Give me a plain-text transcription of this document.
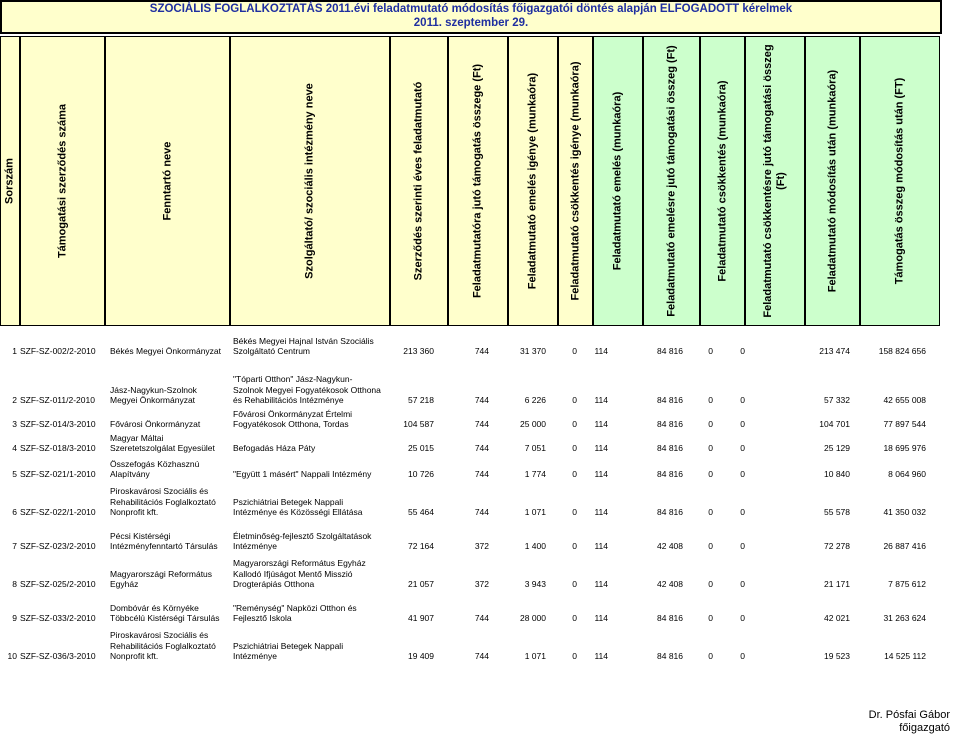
SZOCIÁLIS FOGLALKOZTATÁS 2011.évi feladatmutató módosítás főigazgatói döntés alapján ELFOGADOTT kérelmek
2011. szeptember 29.
Sorszám	Támogatási szerződés száma	Fenntartó neve	Szolgáltató/ szociális intézmény neve	Szerződés szerinti éves feladatmutató	Feladatmutatóra jutó támogatás összege (Ft)	Feladatmutató emelés igénye (munkaóra)	Feladatmutató csökkentés igénye (munkaóra)	Feladatmutató emelés (munkaóra)	Feladatmutató emelésre jutó támogatási összeg (Ft)	Feladatmutató csökkentés (munkaóra)	Feladatmutató csökkentésre jutó támogatási összeg (Ft)	Feladatmutató módosítás után (munkaóra)	Támogatás összeg módosítás után (FT)
1 SZF-SZ-002/2-2010 Békés Megyei Önkormányzat
Békés Megyei Hajnal István Szociális
Szolgáltató Centrum	213 360	744	31 370	0	114	84 816	0	0	213 474	158 824 656
2 SZF-SZ-011/2-2010
Jász-Nagykun-Szolnok
Megyei Önkormányzat
"Tóparti Otthon" Jász-Nagykun-
Szolnok Megyei Fogyatékosok Otthona
és Rehabilitációs Intézménye	57 218	744	6 226	0	114	84 816	0	0	57 332	42 655 008
3 SZF-SZ-014/3-2010 Fővárosi Önkormányzat
Fővárosi Önkormányzat Értelmi
Fogyatékosok Otthona, Tordas	104 587	744	25 000	0	114	84 816	0	0	104 701	77 897 544
4 SZF-SZ-018/3-2010
Magyar Máltai
Szeretetszolgálat Egyesület Befogadás Háza Páty	25 015	744	7 051	0	114	84 816	0	0	25 129	18 695 976
5 SZF-SZ-021/1-2010
Összefogás Közhasznú
Alapítvány	"Együtt 1 másért" Nappali Intézmény	10 726	744	1 774	0	114	84 816	0	0	10 840	8 064 960
6 SZF-SZ-022/1-2010
Piroskavárosi Szociális és
Rehabilitációs Foglalkoztató
Nonprofit kft.
Pszichiátriai Betegek Nappali
Intézménye és Közösségi Ellátása	55 464	744	1 071	0	114	84 816	0	0	55 578	41 350 032
7 SZF-SZ-023/2-2010
Pécsi Kistérségi
Intézményfenntartó Társulás
Életminőség-fejlesztő Szolgáltatások
Intézménye	72 164	372	1 400	0	114	42 408	0	0	72 278	26 887 416
8 SZF-SZ-025/2-2010
Magyarországi Református
Egyház
Magyarországi Református Egyház
Kallodó Ifjúságot Mentő Misszió
Drogterápiás Otthona	21 057	372	3 943	0	114	42 408	0	0	21 171	7 875 612
9 SZF-SZ-033/2-2010
Dombóvár és Környéke
Többcélú Kistérségi Társulás
"Reménység" Napközi Otthon és
Fejlesztő Iskola	41 907	744	28 000	0	114	84 816	0	0	42 021	31 263 624
10 SZF-SZ-036/3-2010
Piroskavárosi Szociális és
Rehabilitációs Foglalkoztató
Nonprofit kft.
Pszichiátriai Betegek Nappali
Intézménye	19 409	744	1 071	0	114	84 816	0	0	19 523	14 525 112
Dr. Pósfai Gábor
főigazgató
